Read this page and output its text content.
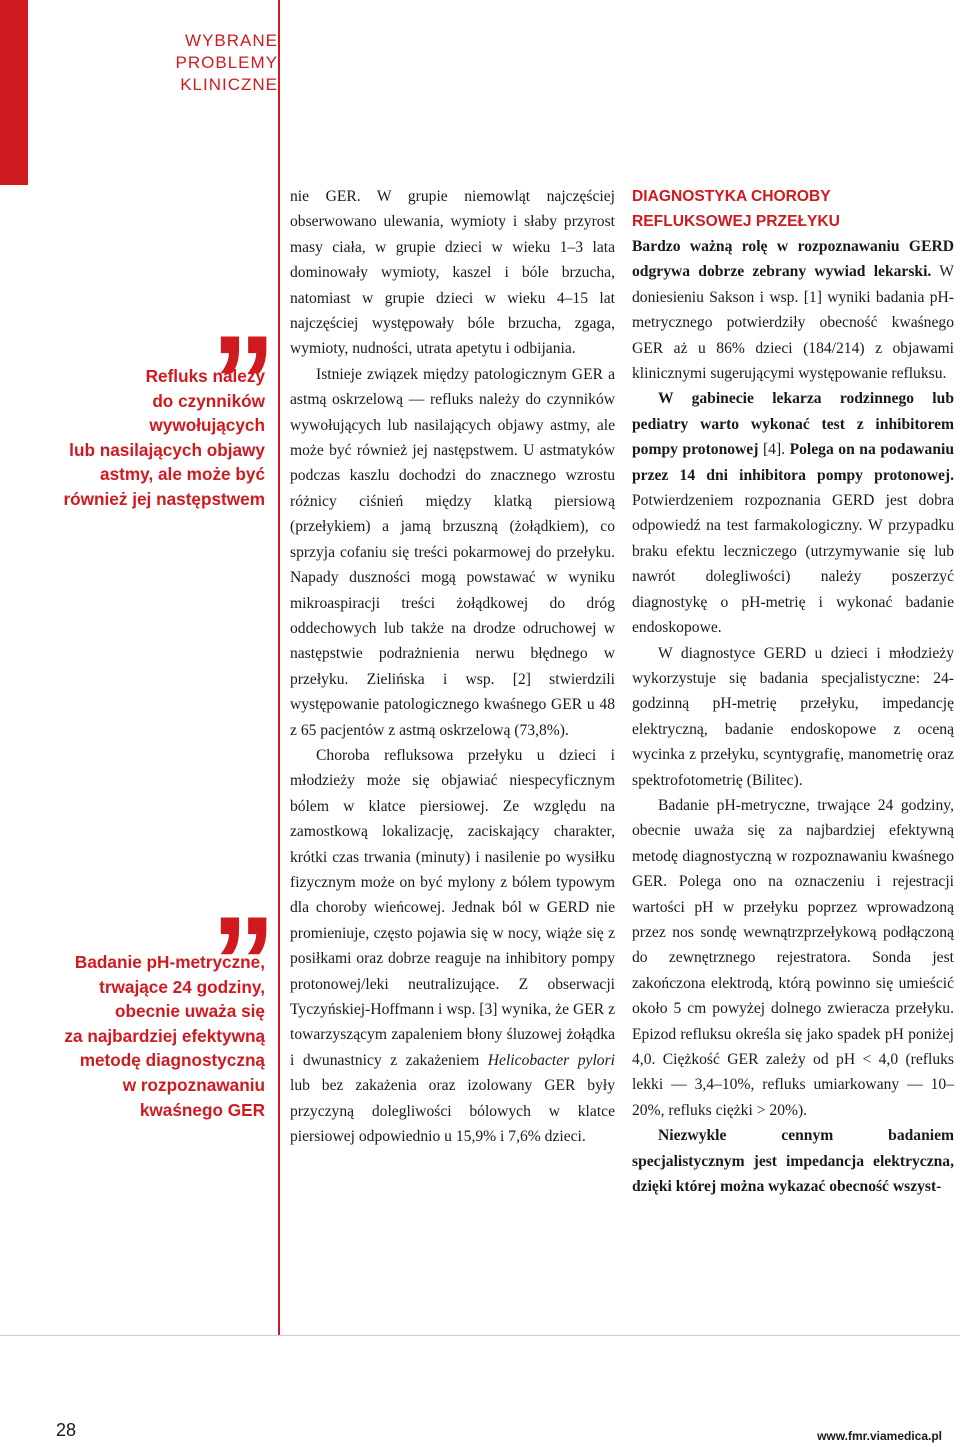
WYBRANE
PROBLEMY
KLINICZNE
Refluks należy
do czynników
wywołujących
lub nasilających objawy
astmy, ale może być
również jej następstwem
Badanie pH-metryczne,
trwające 24 godziny,
obecnie uważa się
za najbardziej efektywną
metodę diagnostyczną
w rozpoznawaniu
kwaśnego GER

nie GER. W grupie niemowląt najczęściej obserwowano ulewania, wymioty i słaby przyrost masy ciała, w grupie dzieci w wieku 1–3 lata dominowały wymioty, kaszel i bóle brzucha, natomiast w grupie dzieci w wieku 4–15 lat najczęściej występowały bóle brzucha, zgaga, wymioty, nudności, utrata apetytu i odbijania.

Istnieje związek między patologicznym GER a astmą oskrzelową — refluks należy do czynników wywołujących lub nasilających objawy astmy, ale może być również jej następstwem. U astmatyków podczas kaszlu dochodzi do znacznego wzrostu różnicy ciśnień między klatką piersiową (przełykiem) a jamą brzuszną (żołądkiem), co sprzyja cofaniu się treści pokarmowej do przełyku. Napady duszności mogą powstawać w wyniku mikroaspiracji treści żołądkowej do dróg oddechowych lub także na drodze odruchowej w następstwie podrażnienia nerwu błędnego w przełyku. Zielińska i wsp. [2] stwierdzili występowanie patologicznego kwaśnego GER u 48 z 65 pacjentów z astmą oskrzelową (73,8%).

Choroba refluksowa przełyku u dzieci i młodzieży może się objawiać niespecyficznym bólem w klatce piersiowej. Ze względu na zamostkową lokalizację, zaciskający charakter, krótki czas trwania (minuty) i nasilenie po wysiłku fizycznym może on być mylony z bólem typowym dla choroby wieńcowej. Jednak ból w GERD nie promieniuje, często pojawia się w nocy, wiąże się z posiłkami oraz dobrze reaguje na inhibitory pompy protonowej/leki neutralizujące. Z obserwacji Tyczyńskiej-Hoffmann i wsp. [3] wynika, że GER z towarzyszącym zapaleniem błony śluzowej żołądka i dwunastnicy z zakażeniem Helicobacter pylori lub bez zakażenia oraz izolowany GER były przyczyną dolegliwości bólowych w klatce piersiowej odpowiednio u 15,9% i 7,6% dzieci.

DIAGNOSTYKA CHOROBY REFLUKSOWEJ PRZEŁYKU

Bardzo ważną rolę w rozpoznawaniu GERD odgrywa dobrze zebrany wywiad lekarski. W doniesieniu Sakson i wsp. [1] wyniki badania pH-metrycznego potwierdziły obecność kwaśnego GER aż u 86% dzieci (184/214) z objawami klinicznymi sugerującymi występowanie refluksu.

W gabinecie lekarza rodzinnego lub pediatry warto wykonać test z inhibitorem pompy protonowej [4]. Polega on na podawaniu przez 14 dni inhibitora pompy protonowej. Potwierdzeniem rozpoznania GERD jest dobra odpowiedź na test farmakologiczny. W przypadku braku efektu leczniczego (utrzymywanie się lub nawrót dolegliwości) należy poszerzyć diagnostykę o pH-metrię i wykonać badanie endoskopowe.

W diagnostyce GERD u dzieci i młodzieży wykorzystuje się badania specjalistyczne: 24-godzinną pH-metrię przełyku, impedancję elektryczną, badanie endoskopowe z oceną wycinka z przełyku, scyntygrafię, manometrię oraz spektrofotometrię (Bilitec).

Badanie pH-metryczne, trwające 24 godziny, obecnie uważa się za najbardziej efektywną metodę diagnostyczną w rozpoznawaniu kwaśnego GER. Polega ono na oznaczeniu i rejestracji wartości pH w przełyku poprzez wprowadzoną przez nos sondę wewnątrzprzełykową podłączoną do zewnętrznego rejestratora. Sonda jest zakończona elektrodą, którą powinno się umieścić około 5 cm powyżej dolnego zwieracza przełyku. Epizod refluksu określa się jako spadek pH poniżej 4,0. Ciężkość GER zależy od pH < 4,0 (refluks lekki — 3,4–10%, refluks umiarkowany — 10–20%, refluks ciężki > 20%).

Niezwykle cennym badaniem specjalistycznym jest impedancja elektryczna, dzięki której można wykazać obecność wszyst-

28	www.fmr.viamedica.pl
